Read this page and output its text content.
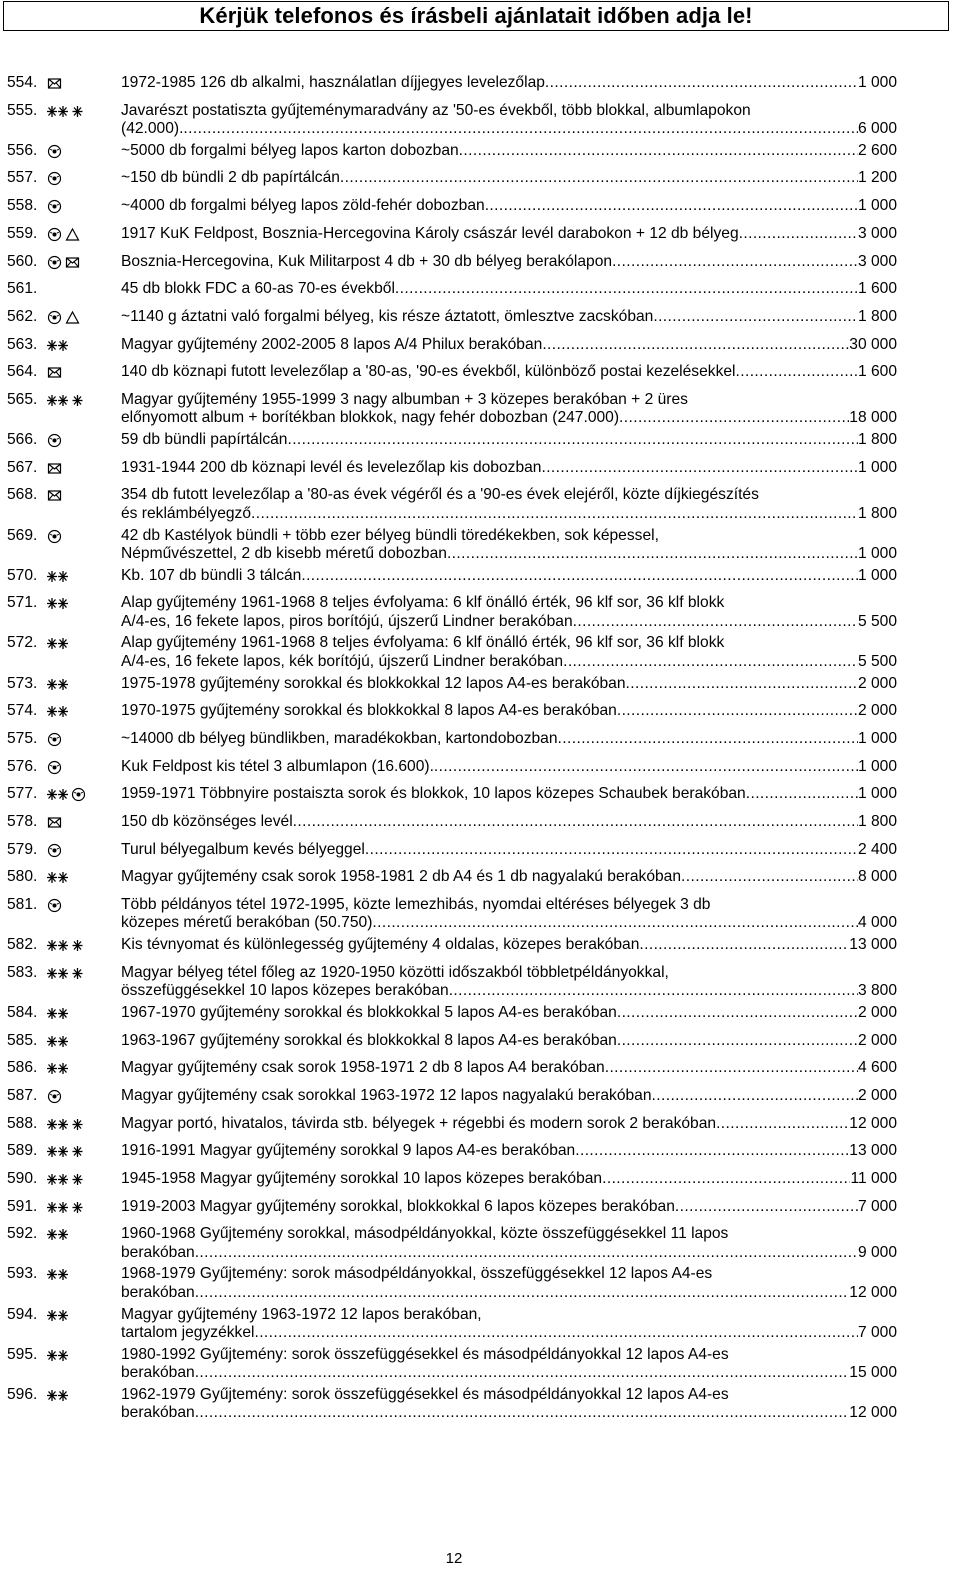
Kérjük telefonos és írásbeli ajánlatait időben adja le!
554.	1972-1985 126 db alkalmi, használatlan díjjegyes levelezőlap .....	1 000
555.	Javarészt postatiszta gyűjteménymaradvány az '50-es évekből, több blokkal, albumlapokon
(42.000). .....	6 000
556.	~5000 db forgalmi bélyeg lapos karton dobozban .....	2 600
557.	~150 db bündli 2 db papírtálcán .....	1 200
558.	~4000 db forgalmi bélyeg lapos zöld-fehér dobozban .....	1 000
559.	1917 KuK Feldpost, Bosznia-Hercegovina Károly császár levél darabokon + 12 db bélyeg .....	3 000
560.	Bosznia-Hercegovina, Kuk Militarpost 4 db + 30 db bélyeg berakólapon .....	3 000
561.	45 db blokk FDC a 60-as 70-es évekből .....	1 600
562.	~1140 g áztatni való forgalmi bélyeg, kis része áztatott, ömlesztve zacskóban .....	1 800
563.	Magyar gyűjtemény 2002-2005 8 lapos A/4 Philux berakóban .....	30 000
564.	140 db köznapi futott levelezőlap a '80-as, '90-es évekből, különböző postai kezelésekkel .....	1 600
565.	Magyar gyűjtemény 1955-1999 3 nagy albumban + 3 közepes berakóban + 2 üres
előnyomott album + borítékban blokkok, nagy fehér dobozban (247.000) .....	18 000
566.	59 db bündli papírtálcán .....	1 800
567.	1931-1944 200 db köznapi levél és levelezőlap kis dobozban .....	1 000
568.	354 db futott levelezőlap a '80-as évek végéről és a '90-es évek elejéről, közte díjkiegészítés
és reklámbélyegző .....	1 800
569.	42 db Kastélyok bündli + több ezer bélyeg bündli töredékekben, sok képessel,
Népművészettel, 2 db kisebb méretű dobozban .....	1 000
570.	Kb. 107 db bündli 3 tálcán .....	1 000
571.	Alap gyűjtemény 1961-1968 8 teljes évfolyama: 6 klf önálló érték, 96 klf sor, 36 klf blokk
A/4-es, 16 fekete lapos, piros borítójú, újszerű Lindner berakóban .....	5 500
572.	Alap gyűjtemény 1961-1968 8 teljes évfolyama: 6 klf önálló érték, 96 klf sor, 36 klf blokk
A/4-es, 16 fekete lapos, kék borítójú, újszerű Lindner berakóban .....	5 500
573.	1975-1978 gyűjtemény sorokkal és blokkokkal 12 lapos A4-es berakóban .....	2 000
574.	1970-1975 gyűjtemény sorokkal és blokkokkal 8 lapos A4-es berakóban .....	2 000
575.	~14000 db bélyeg bündlikben, maradékokban, kartondobozban .....	1 000
576.	Kuk Feldpost kis tétel 3 albumlapon (16.600). .....	1 000
577.	1959-1971 Többnyire postaiszta sorok és blokkok, 10 lapos közepes Schaubek berakóban .....	1 000
578.	150 db közönséges levél .....	1 800
579.	Turul bélyegalbum kevés bélyeggel .....	2 400
580.	Magyar gyűjtemény csak sorok 1958-1981 2 db A4 és 1 db nagyalakú berakóban .....	8 000
581.	Több példányos tétel 1972-1995, közte lemezhibás, nyomdai eltéréses bélyegek 3 db
közepes méretű berakóban (50.750) .....	4 000
582.	Kis tévnyomat és különlegesség gyűjtemény 4 oldalas, közepes berakóban .....	13 000
583.	Magyar bélyeg tétel főleg az 1920-1950 közötti időszakból többletpéldányokkal,
összefüggésekkel 10 lapos közepes berakóban .....	3 800
584.	1967-1970 gyűjtemény sorokkal és blokkokkal 5 lapos A4-es berakóban .....	2 000
585.	1963-1967 gyűjtemény sorokkal és blokkokkal 8 lapos A4-es berakóban .....	2 000
586.	Magyar gyűjtemény csak sorok 1958-1971 2 db 8 lapos A4 berakóban .....	4 600
587.	Magyar gyűjtemény csak sorokkal 1963-1972 12 lapos nagyalakú berakóban .....	2 000
588.	Magyar portó, hivatalos, távirda stb. bélyegek + régebbi és modern sorok 2 berakóban .....	12 000
589.	1916-1991 Magyar gyűjtemény sorokkal 9 lapos A4-es berakóban .....	13 000
590.	1945-1958 Magyar gyűjtemény sorokkal 10 lapos közepes berakóban .....	11 000
591.	1919-2003 Magyar gyűjtemény sorokkal, blokkokkal 6 lapos közepes berakóban .....	7 000
592.	1960-1968 Gyűjtemény sorokkal, másodpéldányokkal, közte összefüggésekkel 11 lapos
berakóban .....	9 000
593.	1968-1979 Gyűjtemény: sorok másodpéldányokkal, összefüggésekkel 12 lapos A4-es
berakóban .....	12 000
594.	Magyar gyűjtemény 1963-1972 12 lapos berakóban,
tartalom jegyzékkel .....	7 000
595.	1980-1992 Gyűjtemény: sorok összefüggésekkel és másodpéldányokkal 12 lapos A4-es
berakóban .....	15 000
596.	1962-1979 Gyűjtemény: sorok összefüggésekkel és másodpéldányokkal 12 lapos A4-es
berakóban .....	12 000
12
